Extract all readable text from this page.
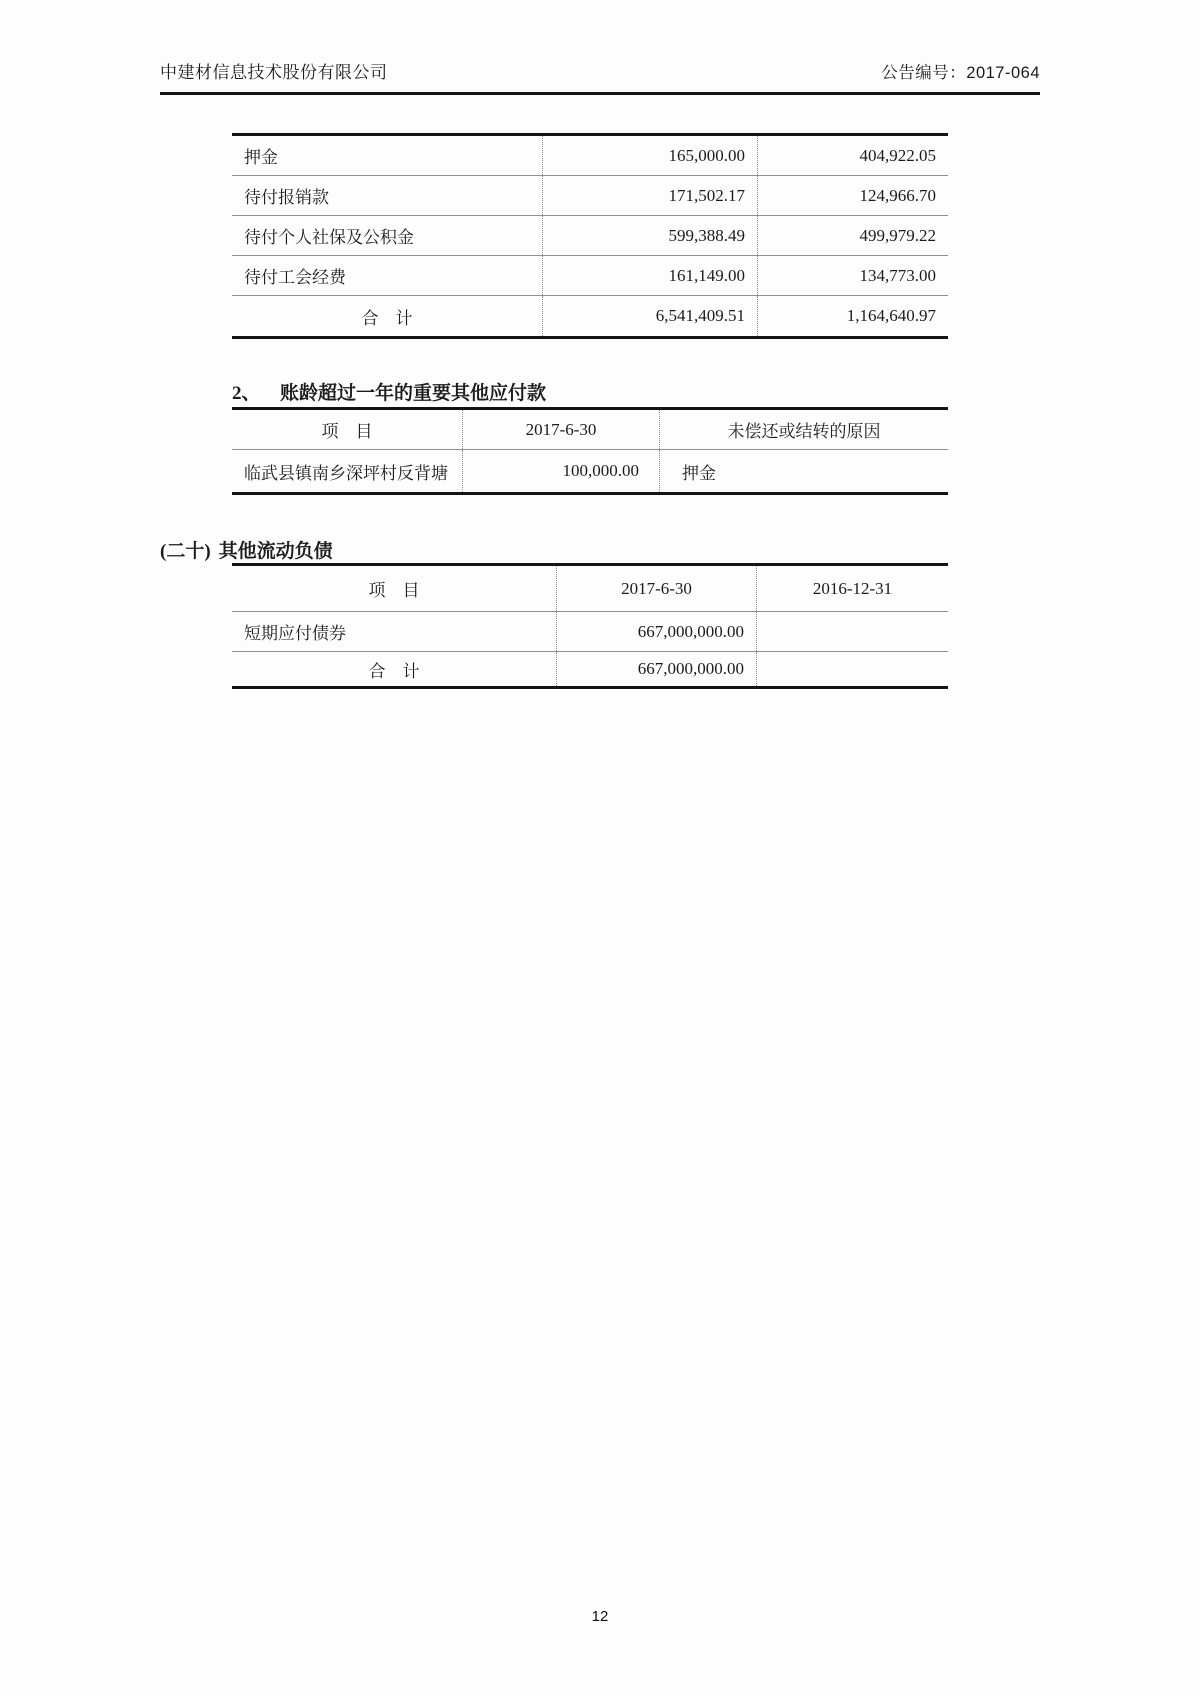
中建材信息技术股份有限公司	公告编号：2017-064
押金	165,000.00	404,922.05
待付报销款	171,502.17	124,966.70
待付个人社保及公积金	599,388.49	499,979.22
待付工会经费	161,149.00	134,773.00
合　计	6,541,409.51	1,164,640.97
2、 账龄超过一年的重要其他应付款
项　目	2017-6-30	未偿还或结转的原因
临武县镇南乡深坪村反背塘	100,000.00	押金
(二十) 其他流动负债
项　目	2017-6-30	2016-12-31
短期应付债券	667,000,000.00
合　计	667,000,000.00
12
